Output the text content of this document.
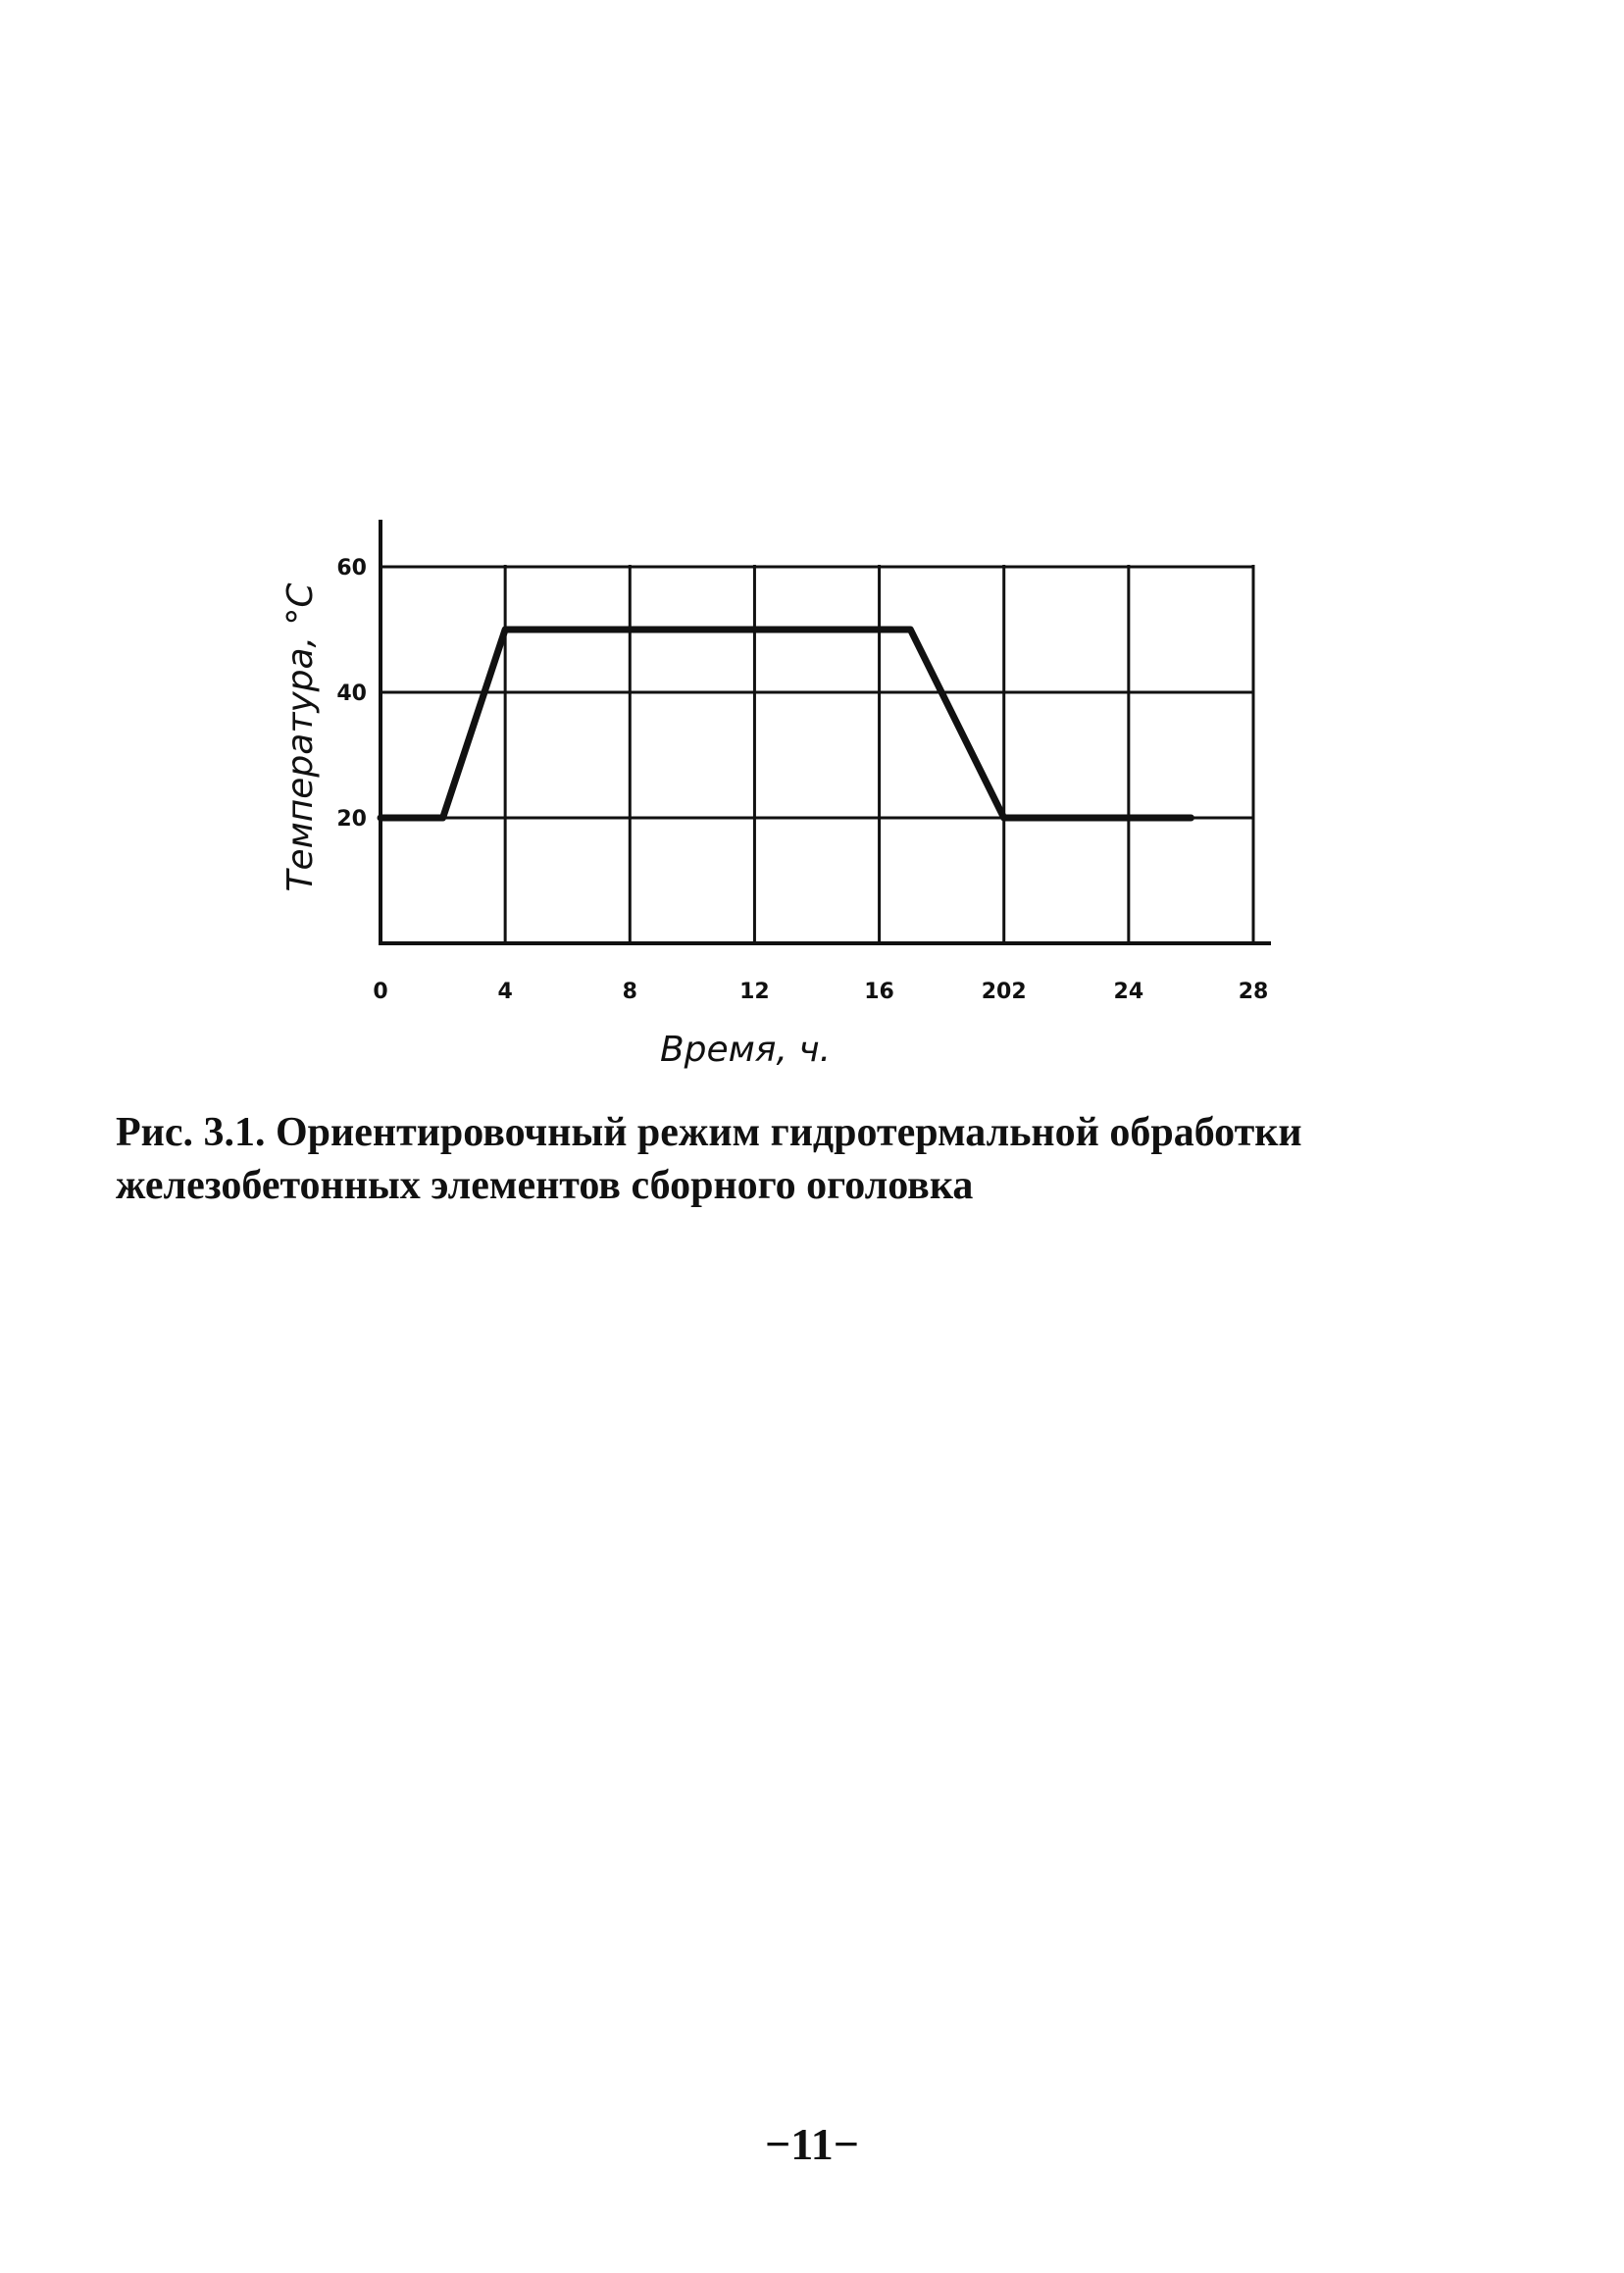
0	4	8	12	16	202	24	28
20
40
60
Температура, °С
Время, ч.
Рис. 3.1. Ориентировочный режим гидротермальной обработки
железобетонных элементов сборного оголовка
−11−
